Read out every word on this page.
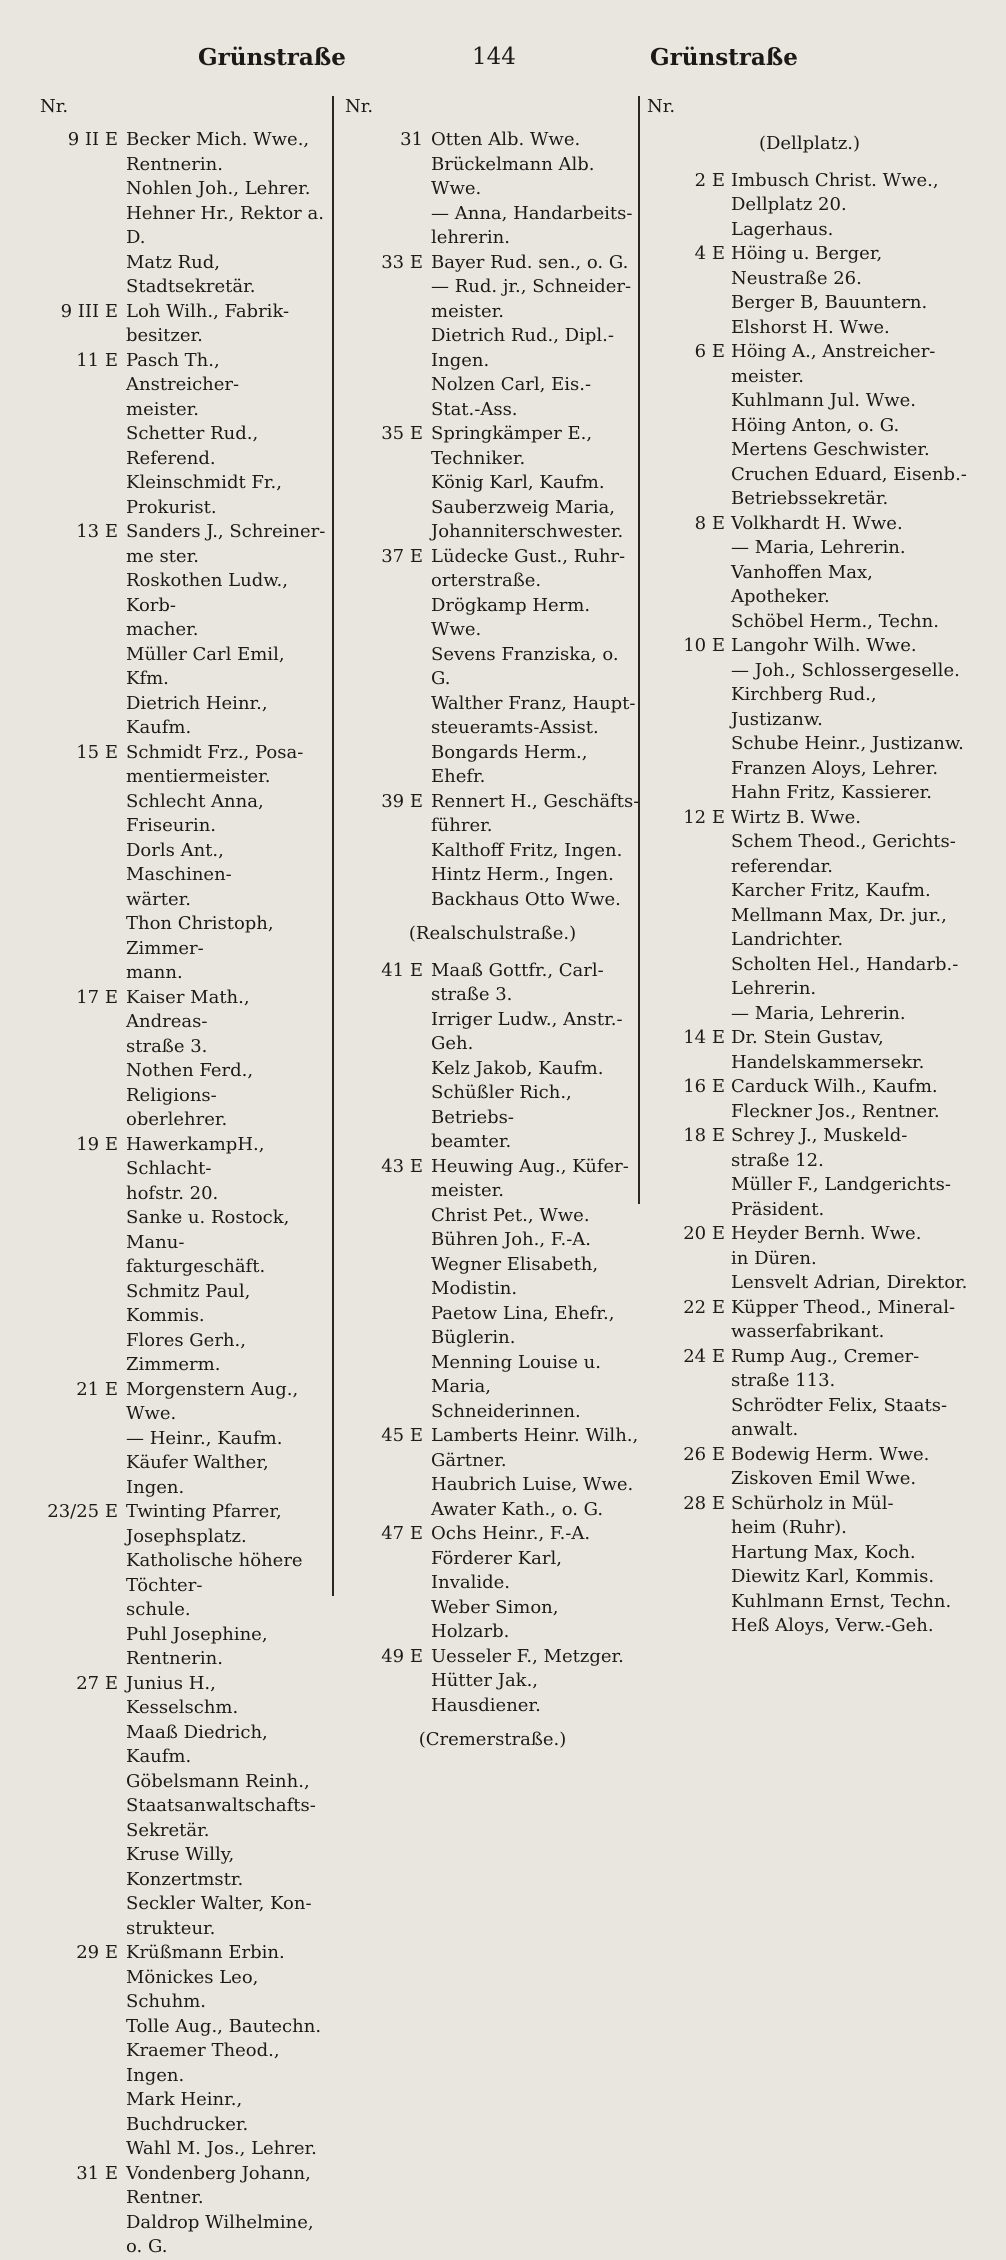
Grünstraße	144	Grünstraße
Nr.
9 II E Becker Mich. Wwe.,
Rentnerin.
Nohlen Joh., Lehrer.
Hehner Hr., Rektor a. D.
Matz Rud, Stadtsekretär.
9 III E Loh Wilh., Fabrik-
besitzer.
11 E Pasch Th., Anstreicher-
meister.
Schetter Rud., Referend.
Kleinschmidt Fr., Prokurist.
13 E Sanders J., Schreiner-
me ster.
Roskothen Ludw., Korb-
macher.
Müller Carl Emil, Kfm.
Dietrich Heinr., Kaufm.
15 E Schmidt Frz., Posa-
mentiermeister.
Schlecht Anna, Friseurin.
Dorls Ant., Maschinen-
wärter.
Thon Christoph, Zimmer-
mann.
17 E Kaiser Math., Andreas-
straße 3.
Nothen Ferd., Religions-
oberlehrer.
19 E HawerkampH., Schlacht-
hofstr. 20.
Sanke u. Rostock, Manu-
fakturgeschäft.
Schmitz Paul, Kommis.
Flores Gerh., Zimmerm.
21 E Morgenstern Aug.,
Wwe.
— Heinr., Kaufm.
Käufer Walther, Ingen.
23/25 E Twinting Pfarrer,
Josephsplatz.
Katholische höhere Töchter-
schule.
Puhl Josephine, Rentnerin.
27 E Junius H., Kesselschm.
Maaß Diedrich, Kaufm.
Göbelsmann Reinh.,
Staatsanwaltschafts-
Sekretär.
Kruse Willy, Konzertmstr.
Seckler Walter, Kon-
strukteur.
29 E Krüßmann Erbin.
Mönickes Leo, Schuhm.
Tolle Aug., Bautechn.
Kraemer Theod., Ingen.
Mark Heinr., Buchdrucker.
Wahl M. Jos., Lehrer.
31 E Vondenberg Johann,
Rentner.
Daldrop Wilhelmine, o. G.
Nr.
31 Otten Alb. Wwe.
Brückelmann Alb. Wwe.
— Anna, Handarbeits-
lehrerin.
33 E Bayer Rud. sen., o. G.
— Rud. jr., Schneider-
meister.
Dietrich Rud., Dipl.-Ingen.
Nolzen Carl, Eis.-Stat.-Ass.
35 E Springkämper E.,
Techniker.
König Karl, Kaufm.
Sauberzweig Maria,
Johanniterschwester.
37 E Lüdecke Gust., Ruhr-
orterstraße.
Drögkamp Herm. Wwe.
Sevens Franziska, o. G.
Walther Franz, Haupt-
steueramts-Assist.
Bongards Herm., Ehefr.
39 E Rennert H., Geschäfts-
führer.
Kalthoff Fritz, Ingen.
Hintz Herm., Ingen.
Backhaus Otto Wwe.
(Realschulstraße.)
41 E Maaß Gottfr., Carl-
straße 3.
Irriger Ludw., Anstr.-Geh.
Kelz Jakob, Kaufm.
Schüßler Rich., Betriebs-
beamter.
43 E Heuwing Aug., Küfer-
meister.
Christ Pet., Wwe.
Bühren Joh., F.-A.
Wegner Elisabeth,
Modistin.
Paetow Lina, Ehefr.,
Büglerin.
Menning Louise u. Maria,
Schneiderinnen.
45 E Lamberts Heinr. Wilh.,
Gärtner.
Haubrich Luise, Wwe.
Awater Kath., o. G.
47 E Ochs Heinr., F.-A.
Förderer Karl, Invalide.
Weber Simon, Holzarb.
49 E Uesseler F., Metzger.
Hütter Jak., Hausdiener.
(Cremerstraße.)
Nr.
(Dellplatz.)
2 E Imbusch Christ. Wwe.,
Dellplatz 20.
Lagerhaus.
4 E Höing u. Berger,
Neustraße 26.
Berger B, Bauuntern.
Elshorst H. Wwe.
6 E Höing A., Anstreicher-
meister.
Kuhlmann Jul. Wwe.
Höing Anton, o. G.
Mertens Geschwister.
Cruchen Eduard, Eisenb.-
Betriebssekretär.
8 E Volkhardt H. Wwe.
— Maria, Lehrerin.
Vanhoffen Max, Apotheker.
Schöbel Herm., Techn.
10 E Langohr Wilh. Wwe.
— Joh., Schlossergeselle.
Kirchberg Rud., Justizanw.
Schube Heinr., Justizanw.
Franzen Aloys, Lehrer.
Hahn Fritz, Kassierer.
12 E Wirtz B. Wwe.
Schem Theod., Gerichts-
referendar.
Karcher Fritz, Kaufm.
Mellmann Max, Dr. jur.,
Landrichter.
Scholten Hel., Handarb.-
Lehrerin.
— Maria, Lehrerin.
14 E Dr. Stein Gustav,
Handelskammersekr.
16 E Carduck Wilh., Kaufm.
Fleckner Jos., Rentner.
18 E Schrey J., Muskeld-
straße 12.
Müller F., Landgerichts-
Präsident.
20 E Heyder Bernh. Wwe.
in Düren.
Lensvelt Adrian, Direktor.
22 E Küpper Theod., Mineral-
wasserfabrikant.
24 E Rump Aug., Cremer-
straße 113.
Schrödter Felix, Staats-
anwalt.
26 E Bodewig Herm. Wwe.
Ziskoven Emil Wwe.
28 E Schürholz in Mül-
heim (Ruhr).
Hartung Max, Koch.
Diewitz Karl, Kommis.
Kuhlmann Ernst, Techn.
Heß Aloys, Verw.-Geh.
